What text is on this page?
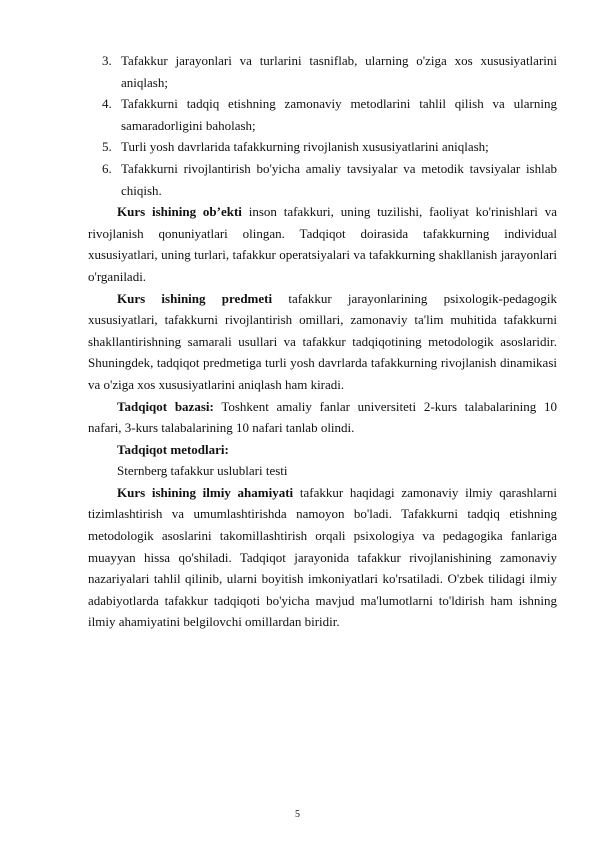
3. Tafakkur jarayonlari va turlarini tasniflab, ularning o'ziga xos xususiyatlarini aniqlash;
4. Tafakkurni tadqiq etishning zamonaviy metodlarini tahlil qilish va ularning samaradorligini baholash;
5. Turli yosh davrlarida tafakkurning rivojlanish xususiyatlarini aniqlash;
6. Tafakkurni rivojlantirish bo'yicha amaliy tavsiyalar va metodik tavsiyalar ishlab chiqish.

Kurs ishining ob’ekti inson tafakkuri, uning tuzilishi, faoliyat ko'rinishlari va rivojlanish qonuniyatlari olingan. Tadqiqot doirasida tafakkurning individual xususiyatlari, uning turlari, tafakkur operatsiyalari va tafakkurning shakllanish jarayonlari o'rganiladi.

Kurs ishining predmeti tafakkur jarayonlarining psixologik-pedagogik xususiyatlari, tafakkurni rivojlantirish omillari, zamonaviy ta'lim muhitida tafakkurni shakllantirishning samarali usullari va tafakkur tadqiqotining metodologik asoslaridir. Shuningdek, tadqiqot predmetiga turli yosh davrlarda tafakkurning rivojlanish dinamikasi va o'ziga xos xususiyatlarini aniqlash ham kiradi.

Tadqiqot bazasi: Toshkent amaliy fanlar universiteti 2-kurs talabalarining 10 nafari, 3-kurs talabalarining 10 nafari tanlab olindi.

Tadqiqot metodlari:

Sternberg tafakkur uslublari testi

Kurs ishining ilmiy ahamiyati tafakkur haqidagi zamonaviy ilmiy qarashlarni tizimlashtirish va umumlashtirishda namoyon bo'ladi. Tafakkurni tadqiq etishning metodologik asoslarini takomillashtirish orqali psixologiya va pedagogika fanlariga muayyan hissa qo'shiladi. Tadqiqot jarayonida tafakkur rivojlanishining zamonaviy nazariyalari tahlil qilinib, ularni boyitish imkoniyatlari ko'rsatiladi. O'zbek tilidagi ilmiy adabiyotlarda tafakkur tadqiqoti bo'yicha mavjud ma'lumotlarni to'ldirish ham ishning ilmiy ahamiyatini belgilovchi omillardan biridir.

5
